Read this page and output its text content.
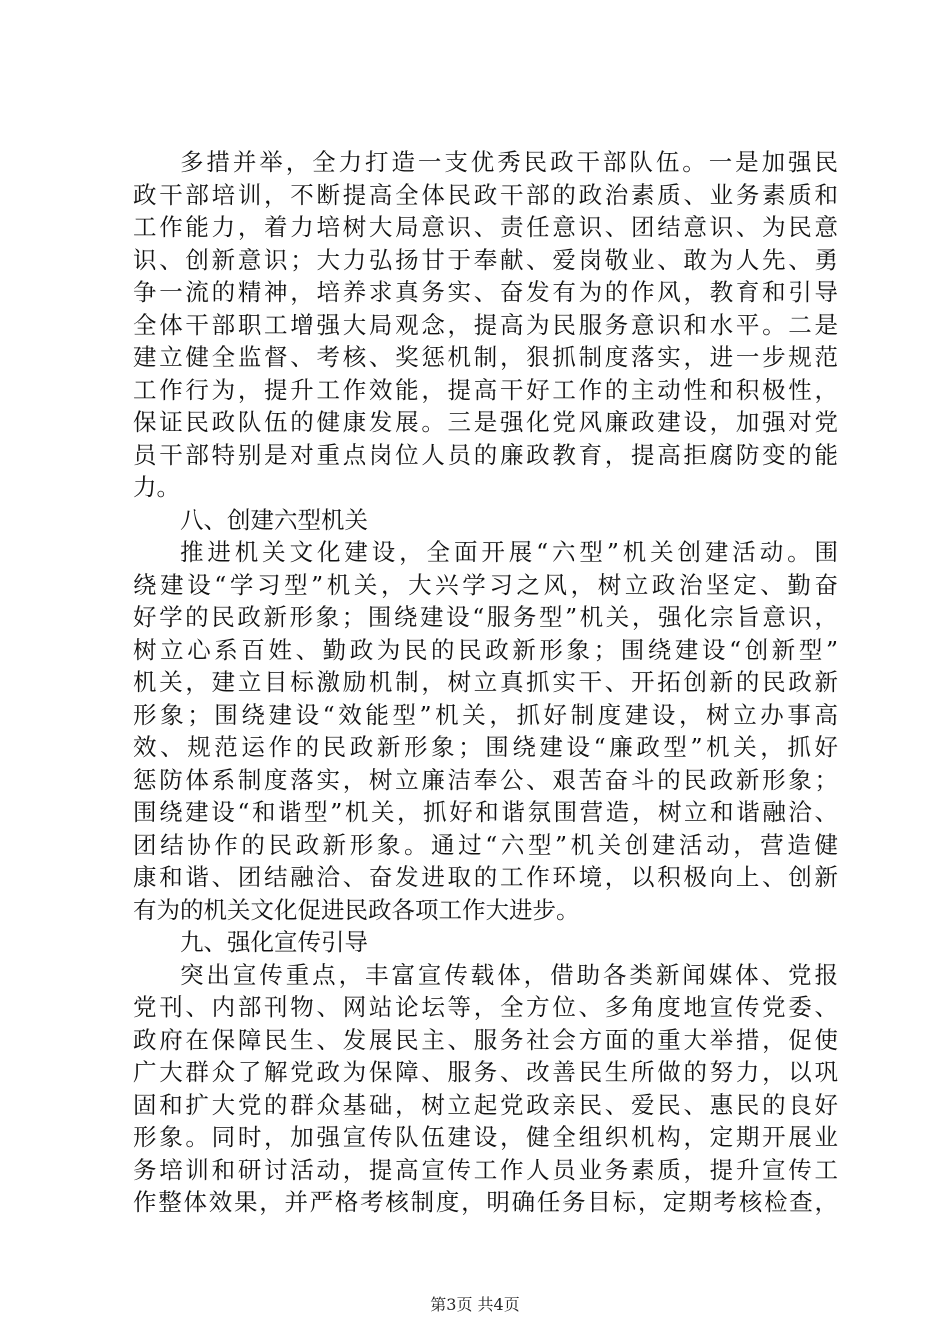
多措并举，全力打造一支优秀民政干部队伍。一是加强民
政干部培训，不断提高全体民政干部的政治素质、业务素质和
工作能力，着力培树大局意识、责任意识、团结意识、为民意
识、创新意识；大力弘扬甘于奉献、爱岗敬业、敢为人先、勇
争一流的精神，培养求真务实、奋发有为的作风，教育和引导
全体干部职工增强大局观念，提高为民服务意识和水平。二是
建立健全监督、考核、奖惩机制，狠抓制度落实，进一步规范
工作行为，提升工作效能，提高干好工作的主动性和积极性，
保证民政队伍的健康发展。三是强化党风廉政建设，加强对党
员干部特别是对重点岗位人员的廉政教育，提高拒腐防变的能
力。
八、创建六型机关
推进机关文化建设，全面开展“六型”机关创建活动。围
绕建设“学习型”机关，大兴学习之风，树立政治坚定、勤奋
好学的民政新形象；围绕建设“服务型”机关，强化宗旨意识，
树立心系百姓、勤政为民的民政新形象；围绕建设“创新型”
机关，建立目标激励机制，树立真抓实干、开拓创新的民政新
形象；围绕建设“效能型”机关，抓好制度建设，树立办事高
效、规范运作的民政新形象；围绕建设“廉政型”机关，抓好
惩防体系制度落实，树立廉洁奉公、艰苦奋斗的民政新形象；
围绕建设“和谐型”机关，抓好和谐氛围营造，树立和谐融洽、
团结协作的民政新形象。通过“六型”机关创建活动，营造健
康和谐、团结融洽、奋发进取的工作环境，以积极向上、创新
有为的机关文化促进民政各项工作大进步。
九、强化宣传引导
突出宣传重点，丰富宣传载体，借助各类新闻媒体、党报
党刊、内部刊物、网站论坛等，全方位、多角度地宣传党委、
政府在保障民生、发展民主、服务社会方面的重大举措，促使
广大群众了解党政为保障、服务、改善民生所做的努力，以巩
固和扩大党的群众基础，树立起党政亲民、爱民、惠民的良好
形象。同时，加强宣传队伍建设，健全组织机构，定期开展业
务培训和研讨活动，提高宣传工作人员业务素质，提升宣传工
作整体效果，并严格考核制度，明确任务目标，定期考核检查，
第3页 共4页
